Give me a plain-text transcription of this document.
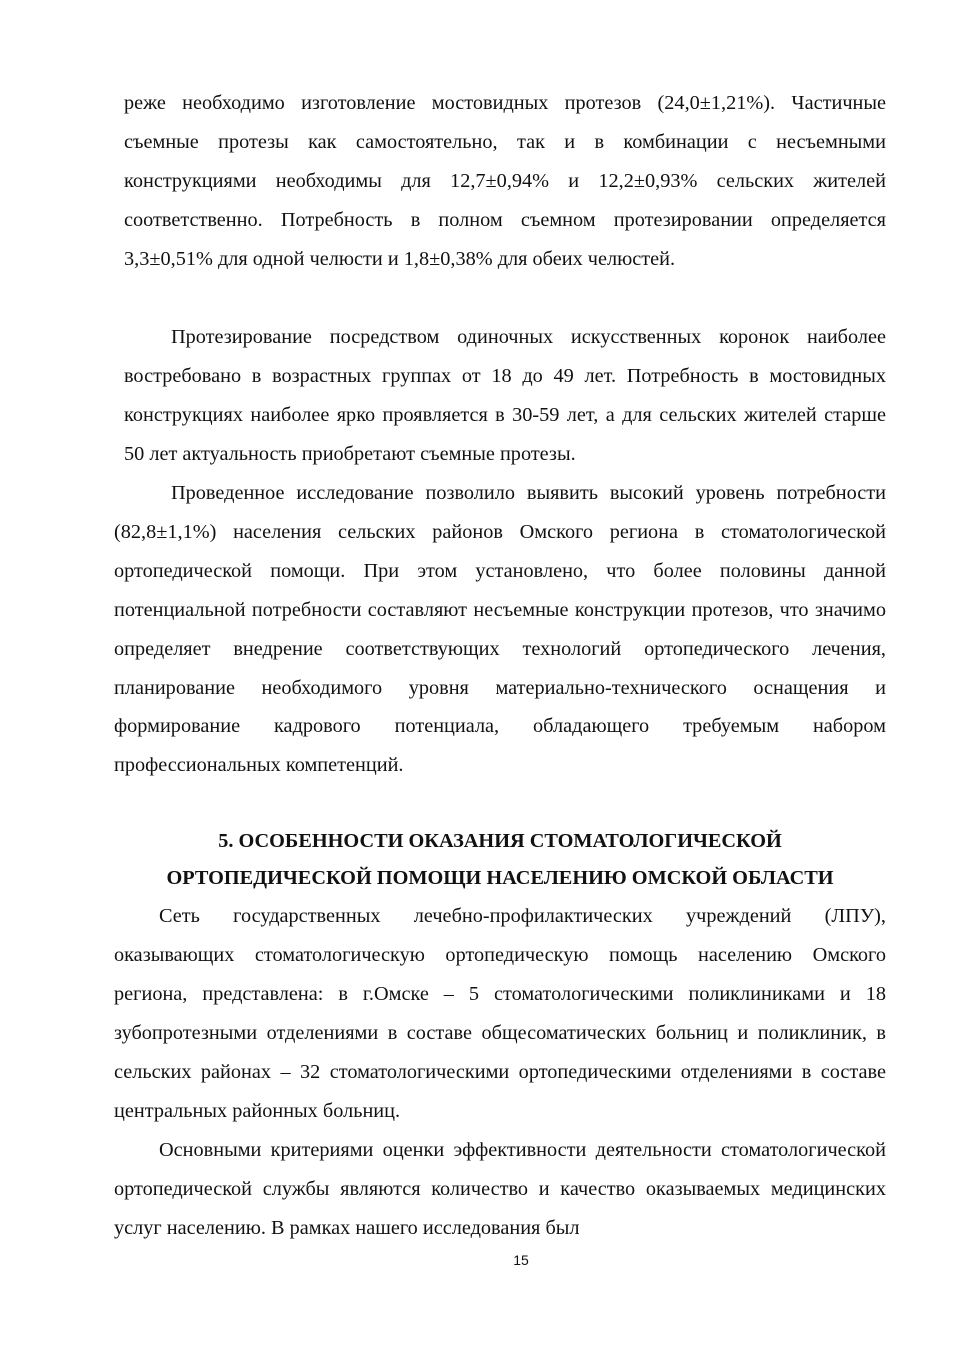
реже необходимо изготовление мостовидных протезов (24,0±1,21%). Частичные съемные протезы как самостоятельно, так и в комбинации с несъемными конструкциями необходимы для 12,7±0,94% и 12,2±0,93% сельских жителей соответственно. Потребность в полном съемном протезировании определяется 3,3±0,51% для одной челюсти и 1,8±0,38% для обеих челюстей.

Протезирование посредством одиночных искусственных коронок наиболее востребовано в возрастных группах от 18 до 49 лет. Потребность в мостовидных конструкциях наиболее ярко проявляется в 30-59 лет, а для сельских жителей старше 50 лет актуальность приобретают съемные протезы.

Проведенное исследование позволило выявить высокий уровень потребности (82,8±1,1%) населения сельских районов Омского региона в стоматологической ортопедической помощи. При этом установлено, что более половины данной потенциальной потребности составляют несъемные конструкции протезов, что значимо определяет внедрение соответствующих технологий ортопедического лечения, планирование необходимого уровня материально-технического оснащения и формирование кадрового потенциала, обладающего требуемым набором профессиональных компетенций.

5. ОСОБЕННОСТИ ОКАЗАНИЯ СТОМАТОЛОГИЧЕСКОЙ
ОРТОПЕДИЧЕСКОЙ ПОМОЩИ НАСЕЛЕНИЮ ОМСКОЙ ОБЛАСТИ

Сеть государственных лечебно-профилактических учреждений (ЛПУ), оказывающих стоматологическую ортопедическую помощь населению Омского региона, представлена: в г.Омске – 5 стоматологическими поликлиниками и 18 зубопротезными отделениями в составе общесоматических больниц и поликлиник, в сельских районах – 32 стоматологическими ортопедическими отделениями в составе центральных районных больниц.

Основными критериями оценки эффективности деятельности стоматологической ортопедической службы являются количество и качество оказываемых медицинских услуг населению. В рамках нашего исследования был

15
